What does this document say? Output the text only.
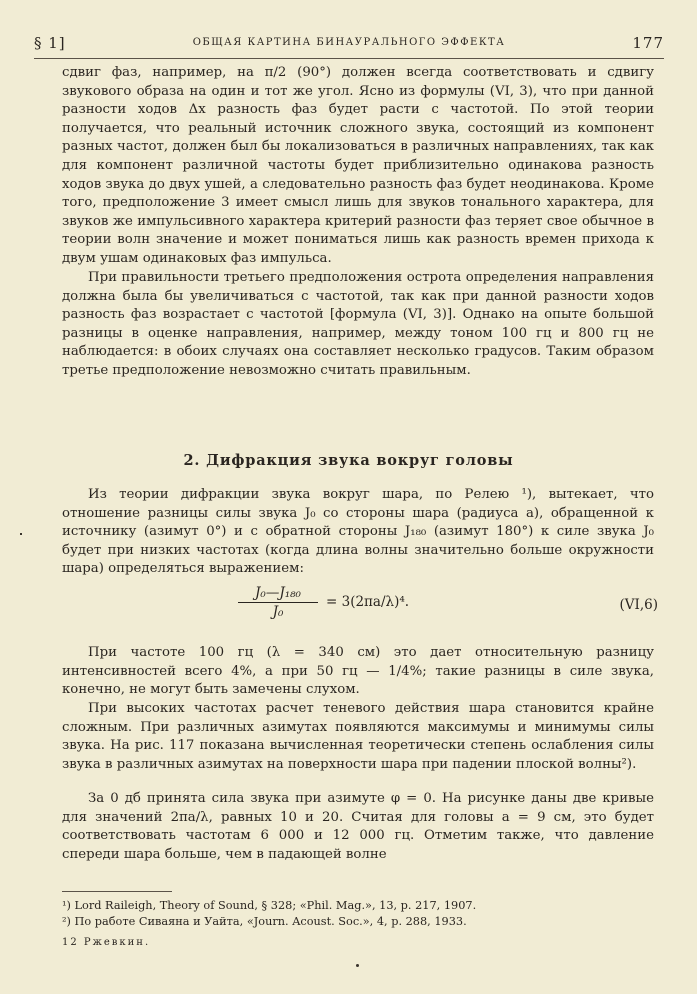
§ 1]	ОБЩАЯ КАРТИНА БИНАУРАЛЬНОГО ЭФФЕКТА	177
сдвиг фаз, например, на π/2 (90°) должен всегда соответствовать и сдвигу звукового образа на один и тот же угол. Ясно из формулы (VI, 3), что при данной разности ходов Δx разность фаз будет расти с частотой. По этой теории получается, что реальный источник сложного звука, состоящий из компонент разных частот, должен был бы локализоваться в различных направлениях, так как для компонент различной частоты будет приблизительно одинакова разность ходов звука до двух ушей, а следовательно разность фаз будет неодинакова. Кроме того, предположение 3 имеет смысл лишь для звуков тонального характера, для звуков же импульсивного характера критерий разности фаз теряет свое обычное в теории волн значение и может пониматься лишь как разность времен прихода к двум ушам одинаковых фаз импульса.
При правильности третьего предположения острота определения направления должна была бы увеличиваться с частотой, так как при данной разности ходов разность фаз возрастает с частотой [формула (VI, 3)]. Однако на опыте большой разницы в оценке направления, например, между тоном 100 гц и 800 гц не наблюдается: в обоих случаях она составляет несколько градусов. Таким образом третье предположение невозможно считать правильным.
2. Дифракция звука вокруг головы
Из теории дифракции звука вокруг шара, по Релею ¹), вытекает, что отношение разницы силы звука J₀ со стороны шара (радиуса a), обращенной к источнику (азимут 0°) и с обратной стороны J₁₈₀ (азимут 180°) к силе звука J₀ будет при низких частотах (когда длина волны значительно больше окружности шара) определяться выражением:
$\frac{\text{J₀—J₁₈₀}}{\text{J₀}} = 3(2\pi a/\lambda)^4$.	(VI,6)
При частоте 100 гц (λ = 340 см) это дает относительную разницу интенсивностей всего 4%, а при 50 гц — 1/4%; такие разницы в силе звука, конечно, не могут быть замечены слухом.
При высоких частотах расчет теневого действия шара становится крайне сложным. При различных азимутах появляются максимумы и минимумы силы звука. На рис. 117 показана вычисленная теоретически степень ослабления силы звука в различных азимутах на поверхности шара при падении плоской волны²).
За 0 дб принята сила звука при азимуте φ = 0. На рисунке даны две кривые для значений 2πa/λ, равных 10 и 20. Считая для головы a = 9 см, это будет соответствовать частотам 6 000 и 12 000 гц. Отметим также, что давление спереди шара больше, чем в падающей волне
¹) Lord Raileigh, Theory of Sound, § 328; «Phil. Mag.», 13, p. 217, 1907.
²) По работе Сиваяна и Уайта, «Journ. Acoust. Soc.», 4, p. 288, 1933.
12 Ржевкин.
